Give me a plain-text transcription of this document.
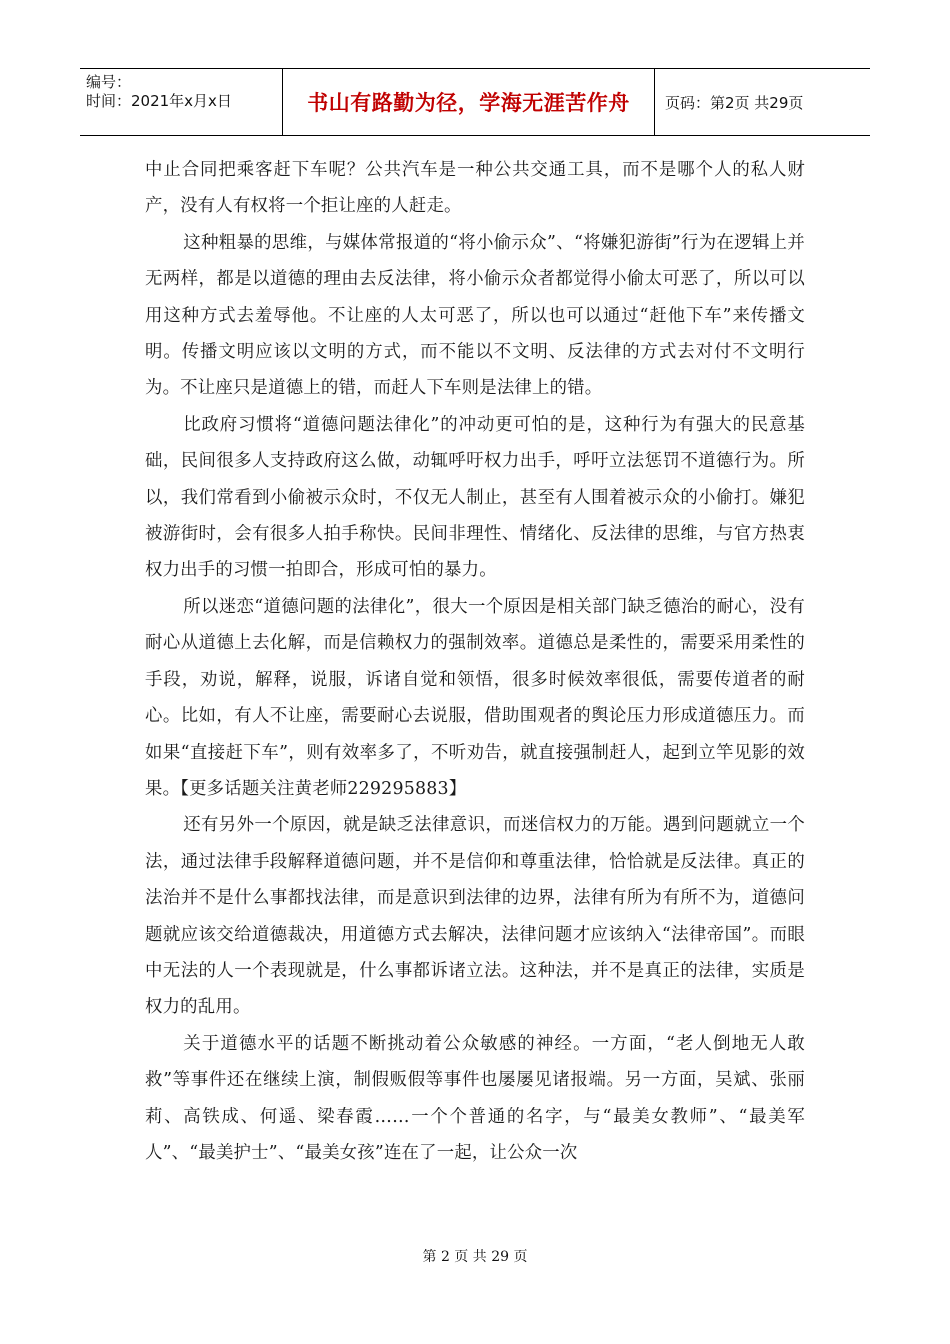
编号：
时间：2021年x月x日	书山有路勤为径，学海无涯苦作舟	页码：第2页 共29页

中止合同把乘客赶下车呢？公共汽车是一种公共交通工具，而不是哪个人的私人财产，没有人有权将一个拒让座的人赶走。

这种粗暴的思维，与媒体常报道的“将小偷示众”、“将嫌犯游街”行为在逻辑上并无两样，都是以道德的理由去反法律，将小偷示众者都觉得小偷太可恶了，所以可以用这种方式去羞辱他。不让座的人太可恶了，所以也可以通过“赶他下车”来传播文明。传播文明应该以文明的方式，而不能以不文明、反法律的方式去对付不文明行为。不让座只是道德上的错，而赶人下车则是法律上的错。

比政府习惯将“道德问题法律化”的冲动更可怕的是，这种行为有强大的民意基础，民间很多人支持政府这么做，动辄呼吁权力出手，呼吁立法惩罚不道德行为。所以，我们常看到小偷被示众时，不仅无人制止，甚至有人围着被示众的小偷打。嫌犯被游街时，会有很多人拍手称快。民间非理性、情绪化、反法律的思维，与官方热衷权力出手的习惯一拍即合，形成可怕的暴力。

所以迷恋“道德问题的法律化”，很大一个原因是相关部门缺乏德治的耐心，没有耐心从道德上去化解，而是信赖权力的强制效率。道德总是柔性的，需要采用柔性的手段，劝说，解释，说服，诉诸自觉和领悟，很多时候效率很低，需要传道者的耐心。比如，有人不让座，需要耐心去说服，借助围观者的舆论压力形成道德压力。而如果“直接赶下车”，则有效率多了，不听劝告，就直接强制赶人，起到立竿见影的效果。【更多话题关注黄老师229295883】

还有另外一个原因，就是缺乏法律意识，而迷信权力的万能。遇到问题就立一个法，通过法律手段解释道德问题，并不是信仰和尊重法律，恰恰就是反法律。真正的法治并不是什么事都找法律，而是意识到法律的边界，法律有所为有所不为，道德问题就应该交给道德裁决，用道德方式去解决，法律问题才应该纳入“法律帝国”。而眼中无法的人一个表现就是，什么事都诉诸立法。这种法，并不是真正的法律，实质是权力的乱用。

关于道德水平的话题不断挑动着公众敏感的神经。一方面，“老人倒地无人敢救”等事件还在继续上演，制假贩假等事件也屡屡见诸报端。另一方面，吴斌、张丽莉、高铁成、何遥、梁春霞……一个个普通的名字，与“最美女教师”、“最美军人”、“最美护士”、“最美女孩”连在了一起，让公众一次

第 2 页 共 29 页
